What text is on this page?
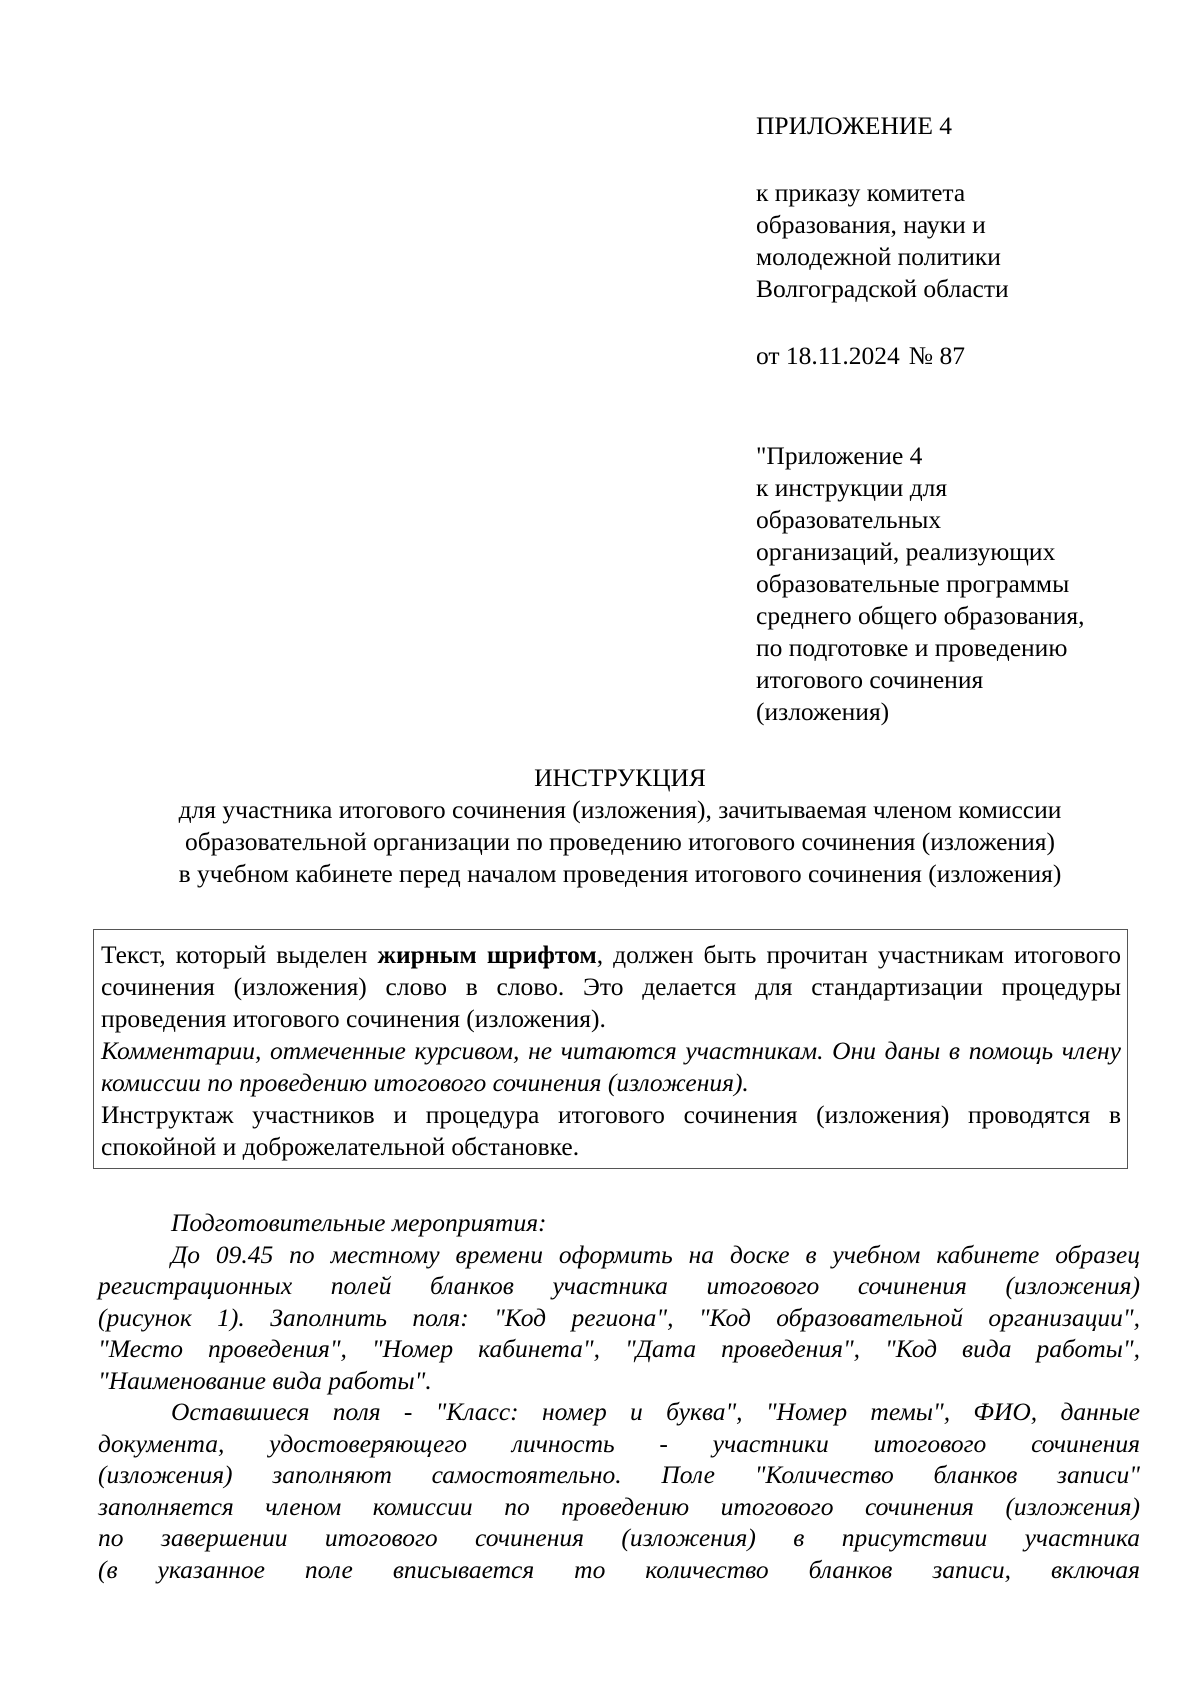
ПРИЛОЖЕНИЕ 4
к приказу комитета
образования, науки и
молодежной политики
Волгоградской области
от 18.11.2024 № 87
"Приложение 4
к инструкции для
образовательных
организаций, реализующих
образовательные программы
среднего общего образования,
по подготовке и проведению
итогового сочинения
(изложения)
ИНСТРУКЦИЯ
для участника итогового сочинения (изложения), зачитываемая членом комиссии
образовательной организации по проведению итогового сочинения (изложения)
в учебном кабинете перед началом проведения итогового сочинения (изложения)

Текст, который выделен жирным шрифтом, должен быть прочитан участникам итогового сочинения (изложения) слово в слово. Это делается для стандартизации процедуры проведения итогового сочинения (изложения).

Комментарии, отмеченные курсивом, не читаются участникам. Они даны в помощь члену комиссии по проведению итогового сочинения (изложения).

Инструктаж участников и процедура итогового сочинения (изложения) проводятся в спокойной и доброжелательной обстановке.

Подготовительные мероприятия:
До 09.45 по местному времени оформить на доске в учебном кабинете образец
регистрационных полей бланков участника итогового сочинения (изложения)
(рисунок 1). Заполнить поля: "Код региона", "Код образовательной организации",
"Место проведения", "Номер кабинета", "Дата проведения", "Код вида работы",
"Наименование вида работы".
Оставшиеся поля - "Класс: номер и буква", "Номер темы", ФИО, данные
документа, удостоверяющего личность - участники итогового сочинения
(изложения) заполняют самостоятельно. Поле "Количество бланков записи"
заполняется членом комиссии по проведению итогового сочинения (изложения)
по завершении итогового сочинения (изложения) в присутствии участника
(в указанное поле вписывается то количество бланков записи, включая
